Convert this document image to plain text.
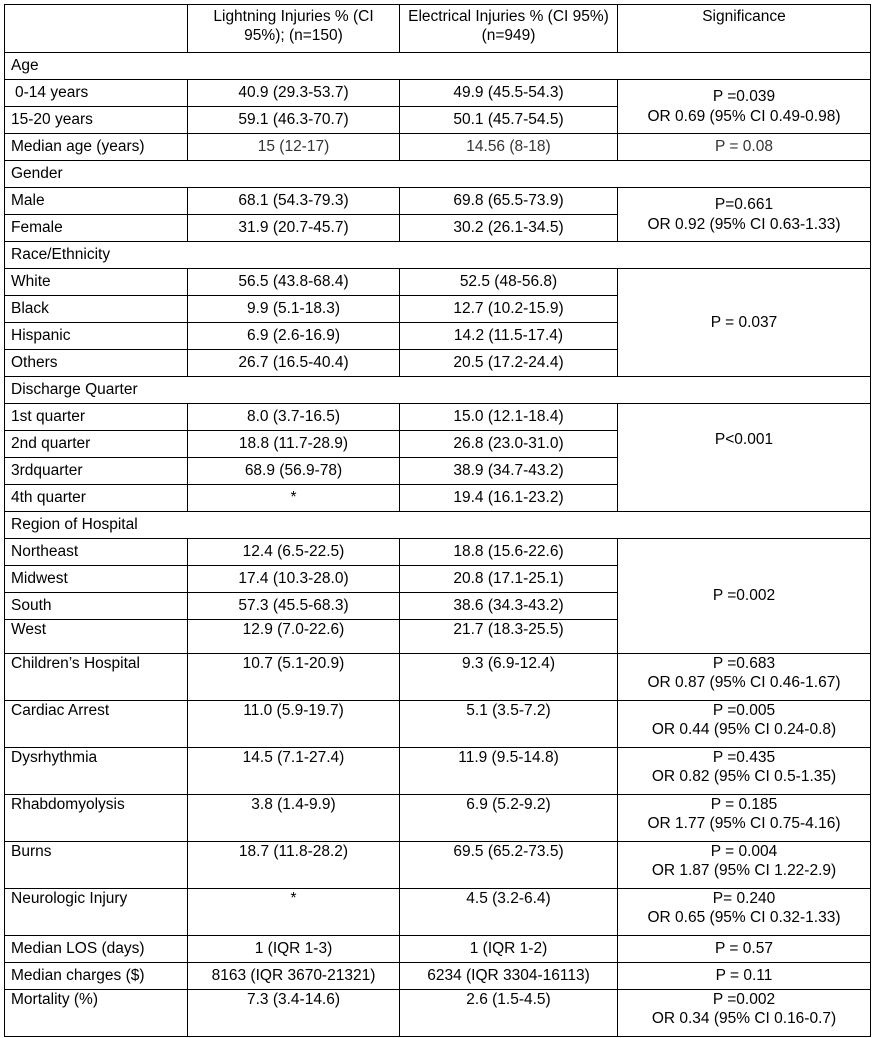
	Lightning Injuries % (CI 95%); (n=150)	Electrical Injuries % (CI 95%) (n=949)	Significance
Age			
0-14 years	40.9 (29.3-53.7)	49.9 (45.5-54.3)	P =0.039
OR 0.69 (95% CI 0.49-0.98)

15-20 years	59.1 (46.3-70.7)	50.1 (45.7-54.5)	
Median age (years)	15 (12-17)	14.56 (8-18)	P = 0.08
Gender			
Male	68.1 (54.3-79.3)	69.8 (65.5-73.9)	P=0.661
OR 0.92 (95% CI 0.63-1.33)

Female	31.9 (20.7-45.7)	30.2 (26.1-34.5)	
Race/Ethnicity			
White	56.5 (43.8-68.4)	52.5 (48-56.8)	P = 0.037
Black	9.9 (5.1-18.3)	12.7 (10.2-15.9)	
Hispanic	6.9 (2.6-16.9)	14.2 (11.5-17.4)	
Others	26.7 (16.5-40.4)	20.5 (17.2-24.4)	
Discharge Quarter			
1st quarter	8.0 (3.7-16.5)	15.0 (12.1-18.4)	P<0.001
2nd quarter	18.8 (11.7-28.9)	26.8 (23.0-31.0)	
3rdquarter	68.9 (56.9-78)	38.9 (34.7-43.2)	
4th quarter	*	19.4 (16.1-23.2)	
Region of Hospital			
Northeast	12.4 (6.5-22.5)	18.8 (15.6-22.6)	P =0.002
Midwest	17.4 (10.3-28.0)	20.8 (17.1-25.1)	
South	57.3 (45.5-68.3)	38.6 (34.3-43.2)	
West	12.9 (7.0-22.6)	21.7 (18.3-25.5)	
Children’s Hospital	10.7 (5.1-20.9)	9.3 (6.9-12.4)	P =0.683
OR 0.87 (95% CI 0.46-1.67)

Cardiac Arrest	11.0 (5.9-19.7)	5.1 (3.5-7.2)	P =0.005
OR 0.44 (95% CI 0.24-0.8)

Dysrhythmia	14.5 (7.1-27.4)	11.9 (9.5-14.8)	P =0.435
OR 0.82 (95% CI 0.5-1.35)

Rhabdomyolysis	3.8 (1.4-9.9)	6.9 (5.2-9.2)	P = 0.185
OR 1.77 (95% CI 0.75-4.16)

Burns	18.7 (11.8-28.2)	69.5 (65.2-73.5)	P = 0.004
OR 1.87 (95% CI 1.22-2.9)

Neurologic Injury	*	4.5 (3.2-6.4)	P= 0.240
OR 0.65 (95% CI 0.32-1.33)

Median LOS (days)	1 (IQR 1-3)	1 (IQR 1-2)	P = 0.57
Median charges ($)	8163 (IQR 3670-21321)	6234 (IQR 3304-16113)	P = 0.11
Mortality (%)	7.3 (3.4-14.6)	2.6 (1.5-4.5)	P =0.002
OR 0.34 (95% CI 0.16-0.7)
